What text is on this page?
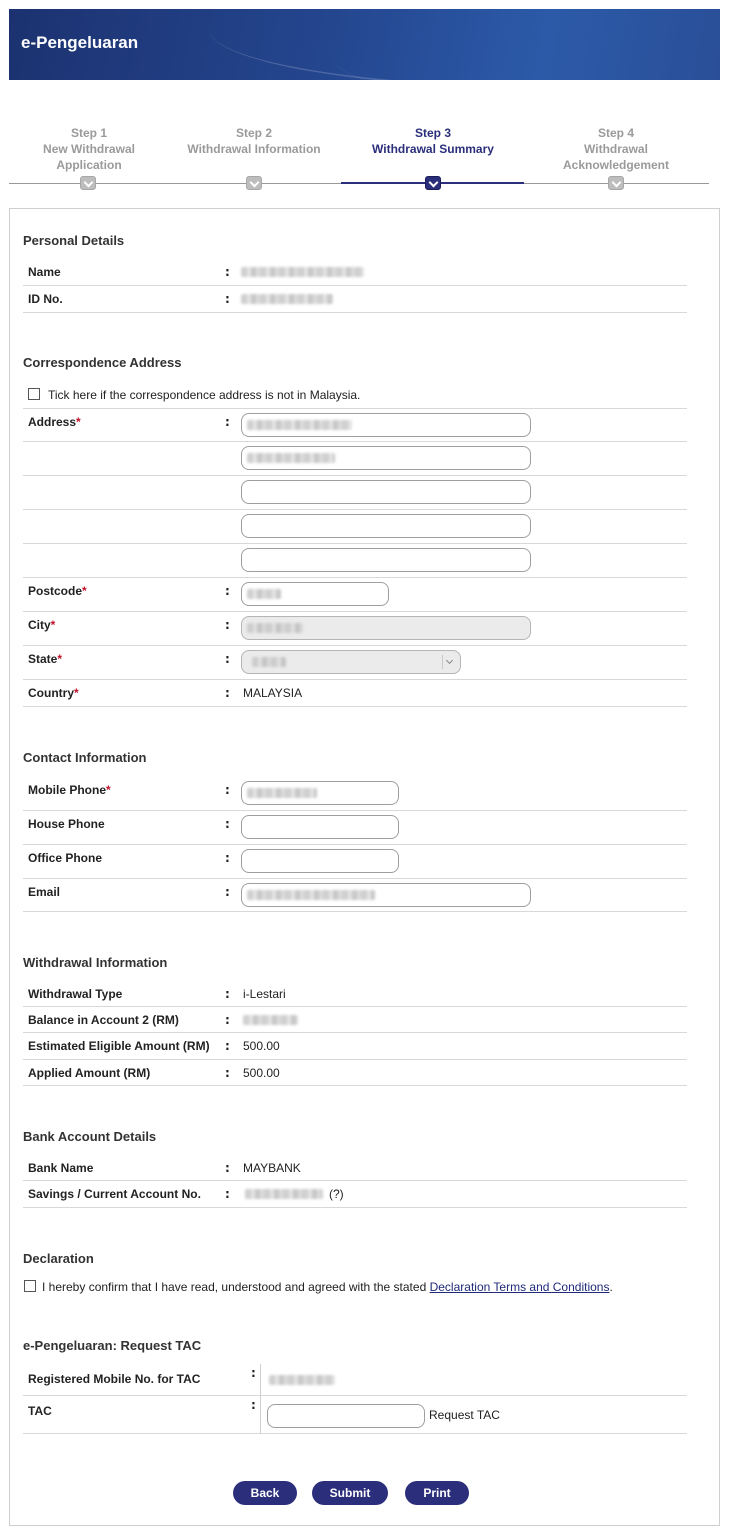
e-Pengeluaran
Step 1
New Withdrawal
Application
Step 2
Withdrawal Information
Step 3
Withdrawal Summary
Step 4
Withdrawal
Acknowledgement
Personal Details
Name	:
ID No.	:
Correspondence Address
Tick here if the correspondence address is not in Malaysia.
Address*	:
Postcode*	:
City*	:
State*	:
Country*	: MALAYSIA
Contact Information
Mobile Phone*	:
House Phone	:
Office Phone	:
Email	:
Withdrawal Information
Withdrawal Type	: i-Lestari
Balance in Account 2 (RM)	:
Estimated Eligible Amount (RM) : 500.00
Applied Amount (RM)	: 500.00
Bank Account Details
Bank Name	: MAYBANK
Savings / Current Account No. :	(?)
Declaration
I hereby confirm that I have read, understood and agreed with the stated Declaration Terms and Conditions.
e-Pengeluaran: Request TAC
Registered Mobile No. for TAC	:
TAC	:
Request TAC
Back	Submit	Print
